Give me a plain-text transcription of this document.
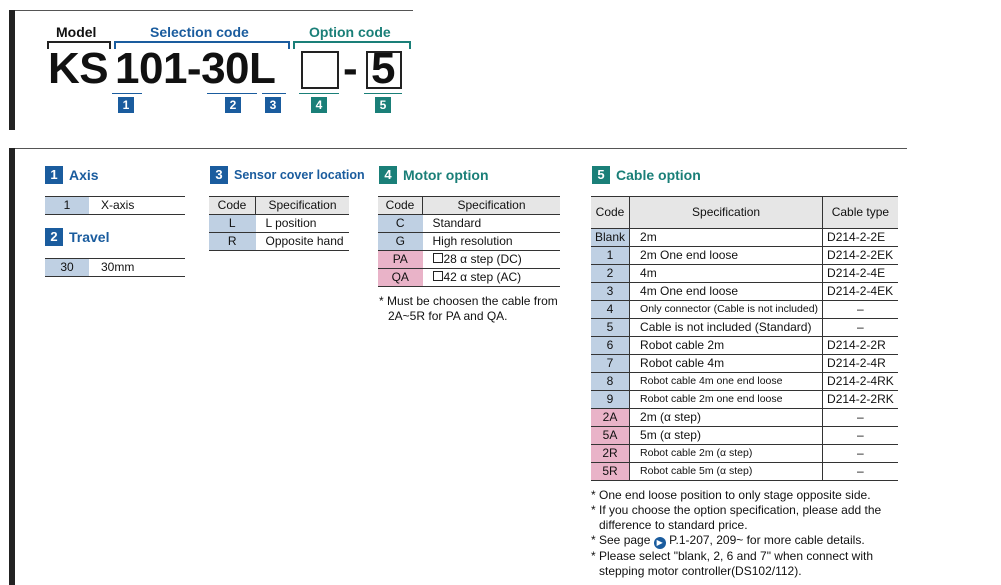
Model	Selection code	Option code
KS 101-30L - 5
1	2	3	4	5
1 Axis
1	X-axis
2 Travel
30	30mm
3 Sensor cover location
Code	Specification
L	L position
R	Opposite hand
4 Motor option
Code	Specification
C	Standard
G	High resolution
PA	28 α step (DC)
QA	42 α step (AC)
* Must be choosen the cable from
2A~5R for PA and QA.
5 Cable option
Code	Specification	Cable type
Blank	2m	D214-2-2E
1	2m One end loose	D214-2-2EK
2	4m	D214-2-4E
3	4m One end loose	D214-2-4EK
4	Only connector (Cable is not included)	–
5	Cable is not included (Standard)	–
6	Robot cable 2m	D214-2-2R
7	Robot cable 4m	D214-2-4R
8	Robot cable 4m one end loose	D214-2-4RK
9	Robot cable 2m one end loose	D214-2-2RK
2A	2m (α step)	–
5A	5m (α step)	–
2R	Robot cable 2m (α step)	–
5R	Robot cable 5m (α step)	–
* One end loose position to only stage opposite side.
* If you choose the option specification, please add the
difference to standard price.
* See page ▶ P.1-207, 209~ for more cable details.
* Please select "blank, 2, 6 and 7" when connect with
stepping motor controller(DS102/112).
